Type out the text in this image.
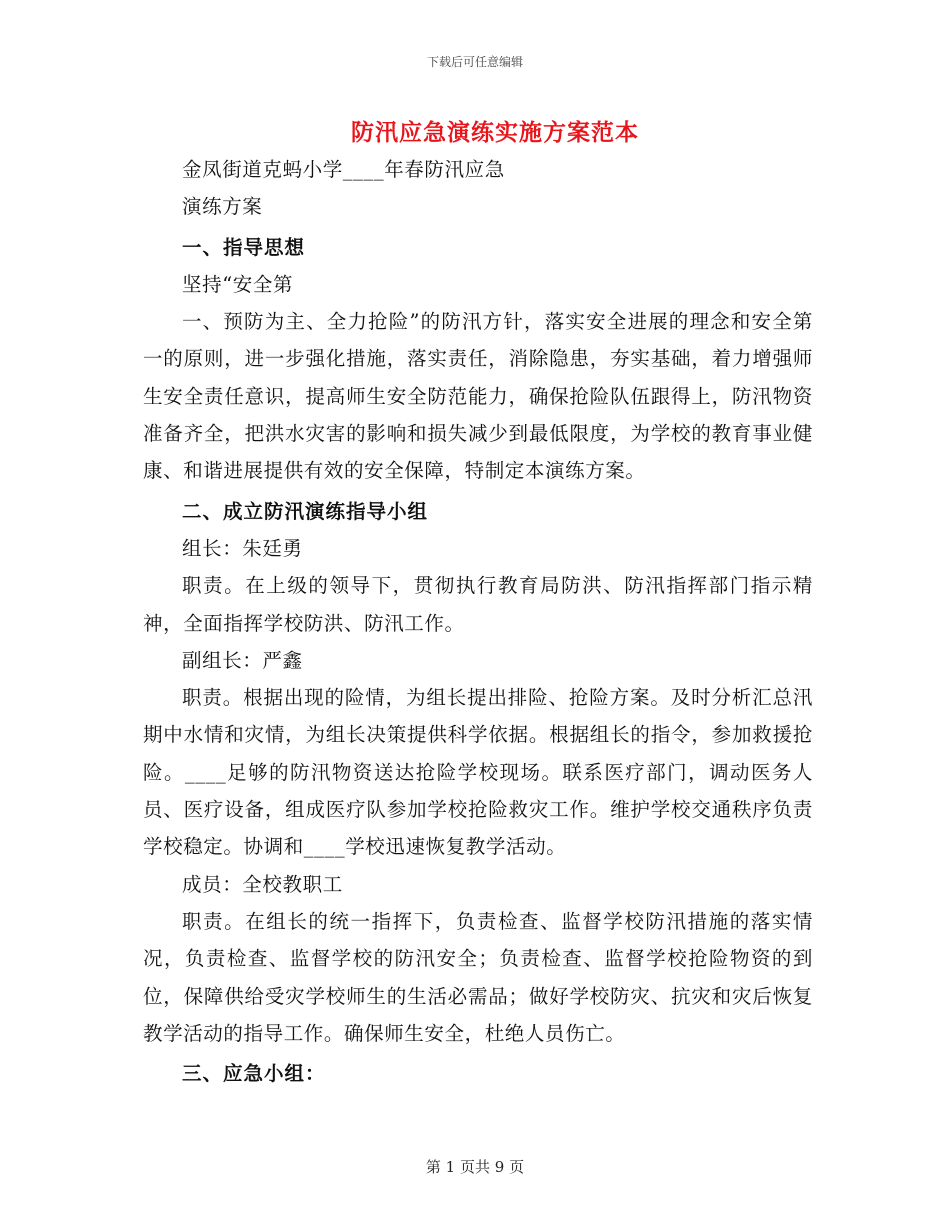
下载后可任意编辑
防汛应急演练实施方案范本

金凤街道克蚂小学____年春防汛应急

演练方案

一、指导思想

坚持“安全第

一、预防为主、全力抢险”的防汛方针，落实安全进展的理念和安全第一的原则，进一步强化措施，落实责任，消除隐患，夯实基础，着力增强师生安全责任意识，提高师生安全防范能力，确保抢险队伍跟得上，防汛物资准备齐全，把洪水灾害的影响和损失减少到最低限度，为学校的教育事业健康、和谐进展提供有效的安全保障，特制定本演练方案。

二、成立防汛演练指导小组

组长：朱廷勇

职责。在上级的领导下，贯彻执行教育局防洪、防汛指挥部门指示精神，全面指挥学校防洪、防汛工作。

副组长：严鑫

职责。根据出现的险情，为组长提出排险、抢险方案。及时分析汇总汛期中水情和灾情，为组长决策提供科学依据。根据组长的指令，参加救援抢险。____足够的防汛物资送达抢险学校现场。联系医疗部门，调动医务人员、医疗设备，组成医疗队参加学校抢险救灾工作。维护学校交通秩序负责学校稳定。协调和____学校迅速恢复教学活动。

成员：全校教职工

职责。在组长的统一指挥下，负责检查、监督学校防汛措施的落实情况，负责检查、监督学校的防汛安全；负责检查、监督学校抢险物资的到位，保障供给受灾学校师生的生活必需品；做好学校防灾、抗灾和灾后恢复教学活动的指导工作。确保师生安全，杜绝人员伤亡。

三、应急小组：

第 1 页共 9 页
